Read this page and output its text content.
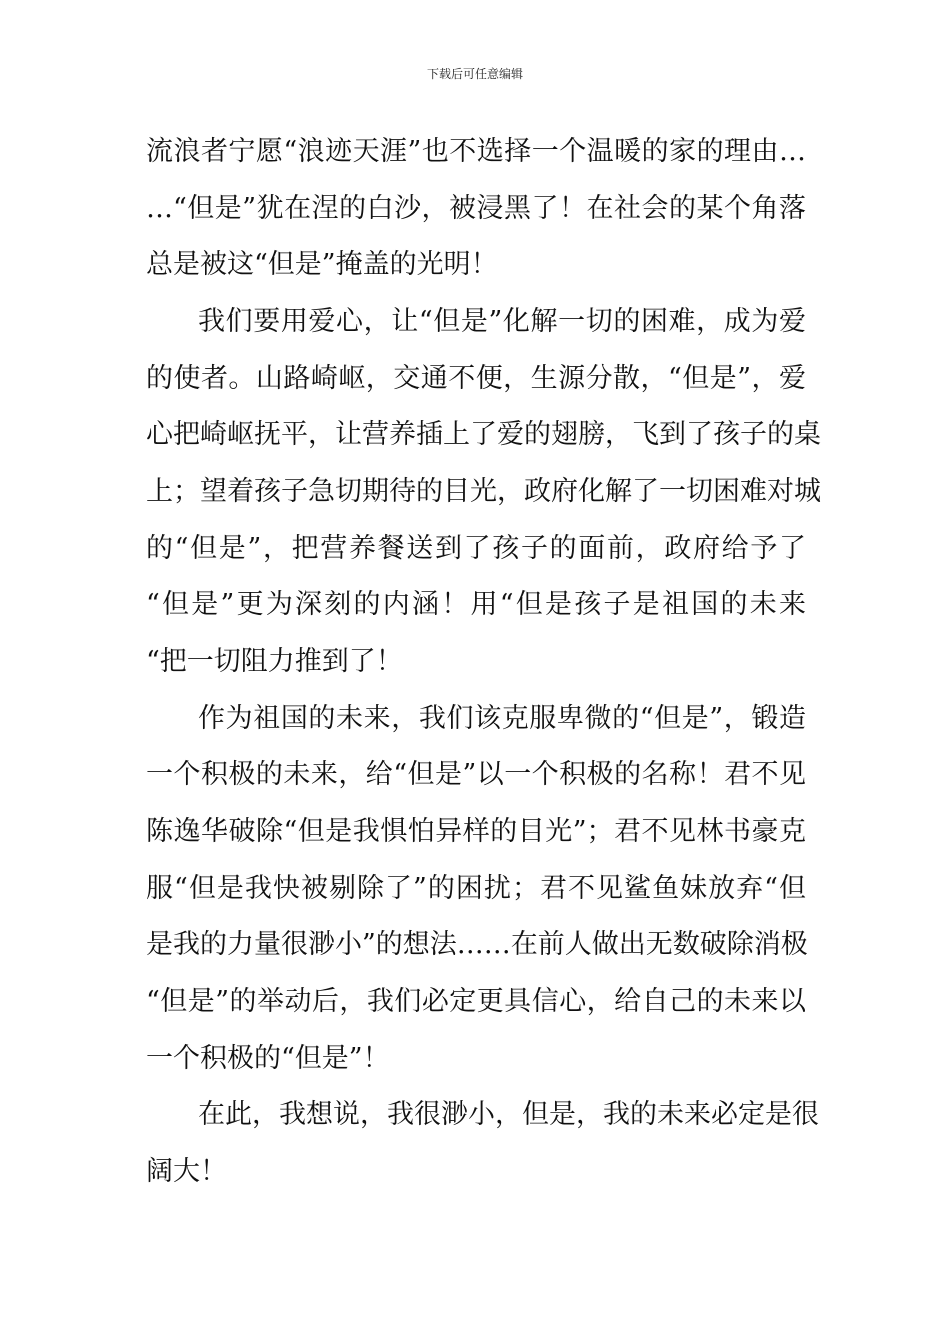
下载后可任意编辑
流浪者宁愿“浪迹天涯”也不选择一个温暖的家的理由…
…“但是”犹在涅的白沙，被浸黑了！在社会的某个角落
总是被这“但是”掩盖的光明！
我们要用爱心，让“但是”化解一切的困难，成为爱
的使者。山路崎岖，交通不便，生源分散，“但是”，爱
心把崎岖抚平，让营养插上了爱的翅膀，飞到了孩子的桌
上；望着孩子急切期待的目光，政府化解了一切困难对城
的“但是”，把营养餐送到了孩子的面前，政府给予了
“但是”更为深刻的内涵！用“但是孩子是祖国的未来
“把一切阻力推到了！
作为祖国的未来，我们该克服卑微的“但是”，锻造
一个积极的未来，给“但是”以一个积极的名称！君不见
陈逸华破除“但是我惧怕异样的目光”；君不见林书豪克
服“但是我快被剔除了”的困扰；君不见鲨鱼妹放弃“但
是我的力量很渺小”的想法……在前人做出无数破除消极
“但是”的举动后，我们必定更具信心，给自己的未来以
一个积极的“但是”！
在此，我想说，我很渺小，但是，我的未来必定是很
阔大！
